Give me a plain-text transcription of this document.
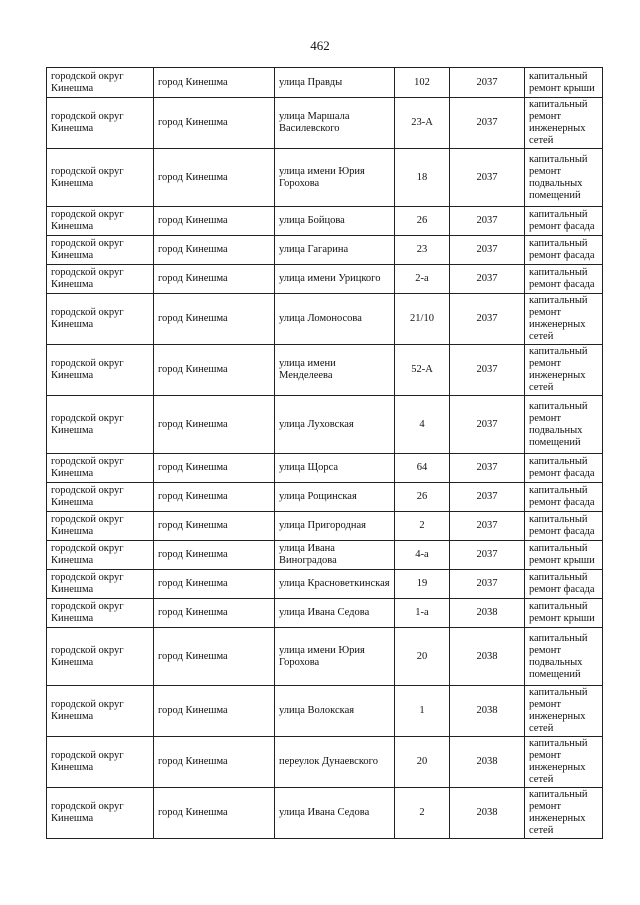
462
городской округ Кинешма	город Кинешма	улица Правды	102	2037	капитальный ремонт крыши
городской округ Кинешма	город Кинешма	улица Маршала Василевского	23-А	2037	капитальный ремонт инженерных сетей
городской округ Кинешма	город Кинешма	улица имени Юрия Горохова	18	2037	капитальный ремонт подвальных помещений
городской округ Кинешма	город Кинешма	улица Бойцова	26	2037	капитальный ремонт фасада
городской округ Кинешма	город Кинешма	улица Гагарина	23	2037	капитальный ремонт фасада
городской округ Кинешма	город Кинешма	улица имени Урицкого	2-а	2037	капитальный ремонт фасада
городской округ Кинешма	город Кинешма	улица Ломоносова	21/10	2037	капитальный ремонт инженерных сетей
городской округ Кинешма	город Кинешма	улица имени Менделеева	52-А	2037	капитальный ремонт инженерных сетей
городской округ Кинешма	город Кинешма	улица Луховская	4	2037	капитальный ремонт подвальных помещений
городской округ Кинешма	город Кинешма	улица Щорса	64	2037	капитальный ремонт фасада
городской округ Кинешма	город Кинешма	улица Рощинская	26	2037	капитальный ремонт фасада
городской округ Кинешма	город Кинешма	улица Пригородная	2	2037	капитальный ремонт фасада
городской округ Кинешма	город Кинешма	улица Ивана Виноградова	4-а	2037	капитальный ремонт крыши
городской округ Кинешма	город Кинешма	улица Красноветкинская	19	2037	капитальный ремонт фасада
городской округ Кинешма	город Кинешма	улица Ивана Седова	1-а	2038	капитальный ремонт крыши
городской округ Кинешма	город Кинешма	улица имени Юрия Горохова	20	2038	капитальный ремонт подвальных помещений
городской округ Кинешма	город Кинешма	улица Волокская	1	2038	капитальный ремонт инженерных сетей
городской округ Кинешма	город Кинешма	переулок Дунаевского	20	2038	капитальный ремонт инженерных сетей
городской округ Кинешма	город Кинешма	улица Ивана Седова	2	2038	капитальный ремонт инженерных сетей
